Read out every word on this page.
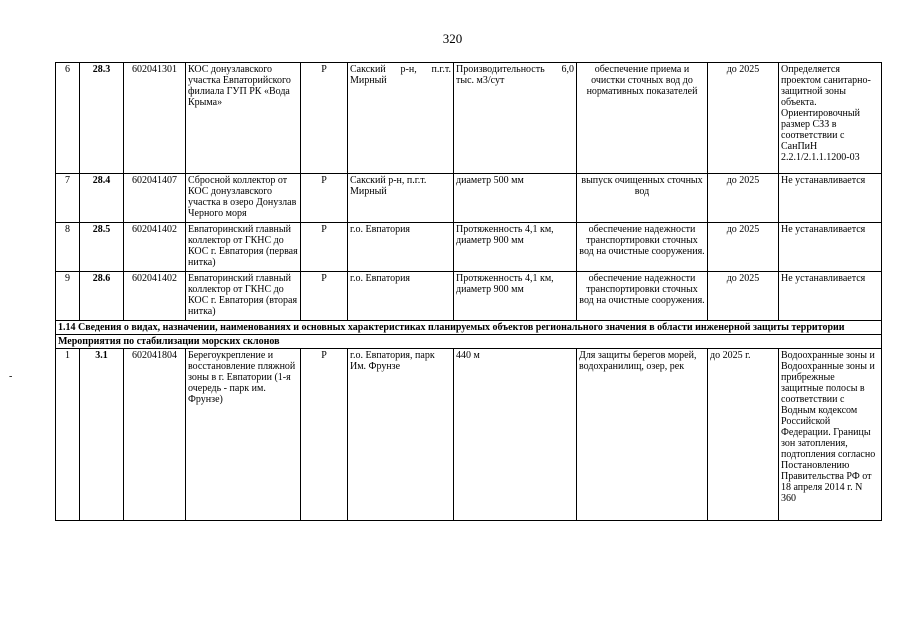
320
-
6	28.3	602041301	КОС донузлавского участка Евпаторийского филиала ГУП РК «Вода Крыма»	Р	Сакский р-н, п.г.т. Мирный	Производительность 6,0 тыс. м3/сут	обеспечение приема и очистки сточных вод до нормативных показателей	до 2025	Определяется проектом санитарно-защитной зоны объекта. Ориентировочный размер СЗЗ в соответствии с СанПиН 2.2.1/2.1.1.1200-03
7	28.4	602041407	Сбросной коллектор от КОС донузлавского участка в озеро Донузлав Черного моря	Р	Сакский р-н, п.г.т. Мирный	диаметр 500 мм	выпуск очищенных сточных вод	до 2025	Не устанавливается
8	28.5	602041402	Евпаторинский главный коллектор от ГКНС до КОС г. Евпатория (первая нитка)	Р	г.о. Евпатория	Протяженность 4,1 км, диаметр 900 мм	обеспечение надежности транспортировки сточных вод на очистные сооружения.	до 2025	Не устанавливается
9	28.6	602041402	Евпаторинский главный коллектор от ГКНС до КОС г. Евпатория (вторая нитка)	Р	г.о. Евпатория	Протяженность 4,1 км, диаметр 900 мм	обеспечение надежности транспортировки сточных вод на очистные сооружения.	до 2025	Не устанавливается
1.14 Сведения о видах, назначении, наименованиях и основных характеристиках планируемых объектов регионального значения в области инженерной защиты территории									
Мероприятия по стабилизации морских склонов									
1	3.1	602041804	Берегоукрепление и восстановление пляжной зоны в г. Евпатории (1-я очередь - парк им. Фрунзе)	Р	г.о. Евпатория, парк Им. Фрунзе	440 м	Для защиты берегов морей, водохранилищ, озер, рек	до 2025 г.	Водоохранные зоны и Водоохранные зоны и прибрежные защитные полосы в соответствии с Водным кодексом Российской Федерации. Границы зон затопления, подтопления согласно Постановлению Правительства РФ от 18 апреля 2014 г. N 360
